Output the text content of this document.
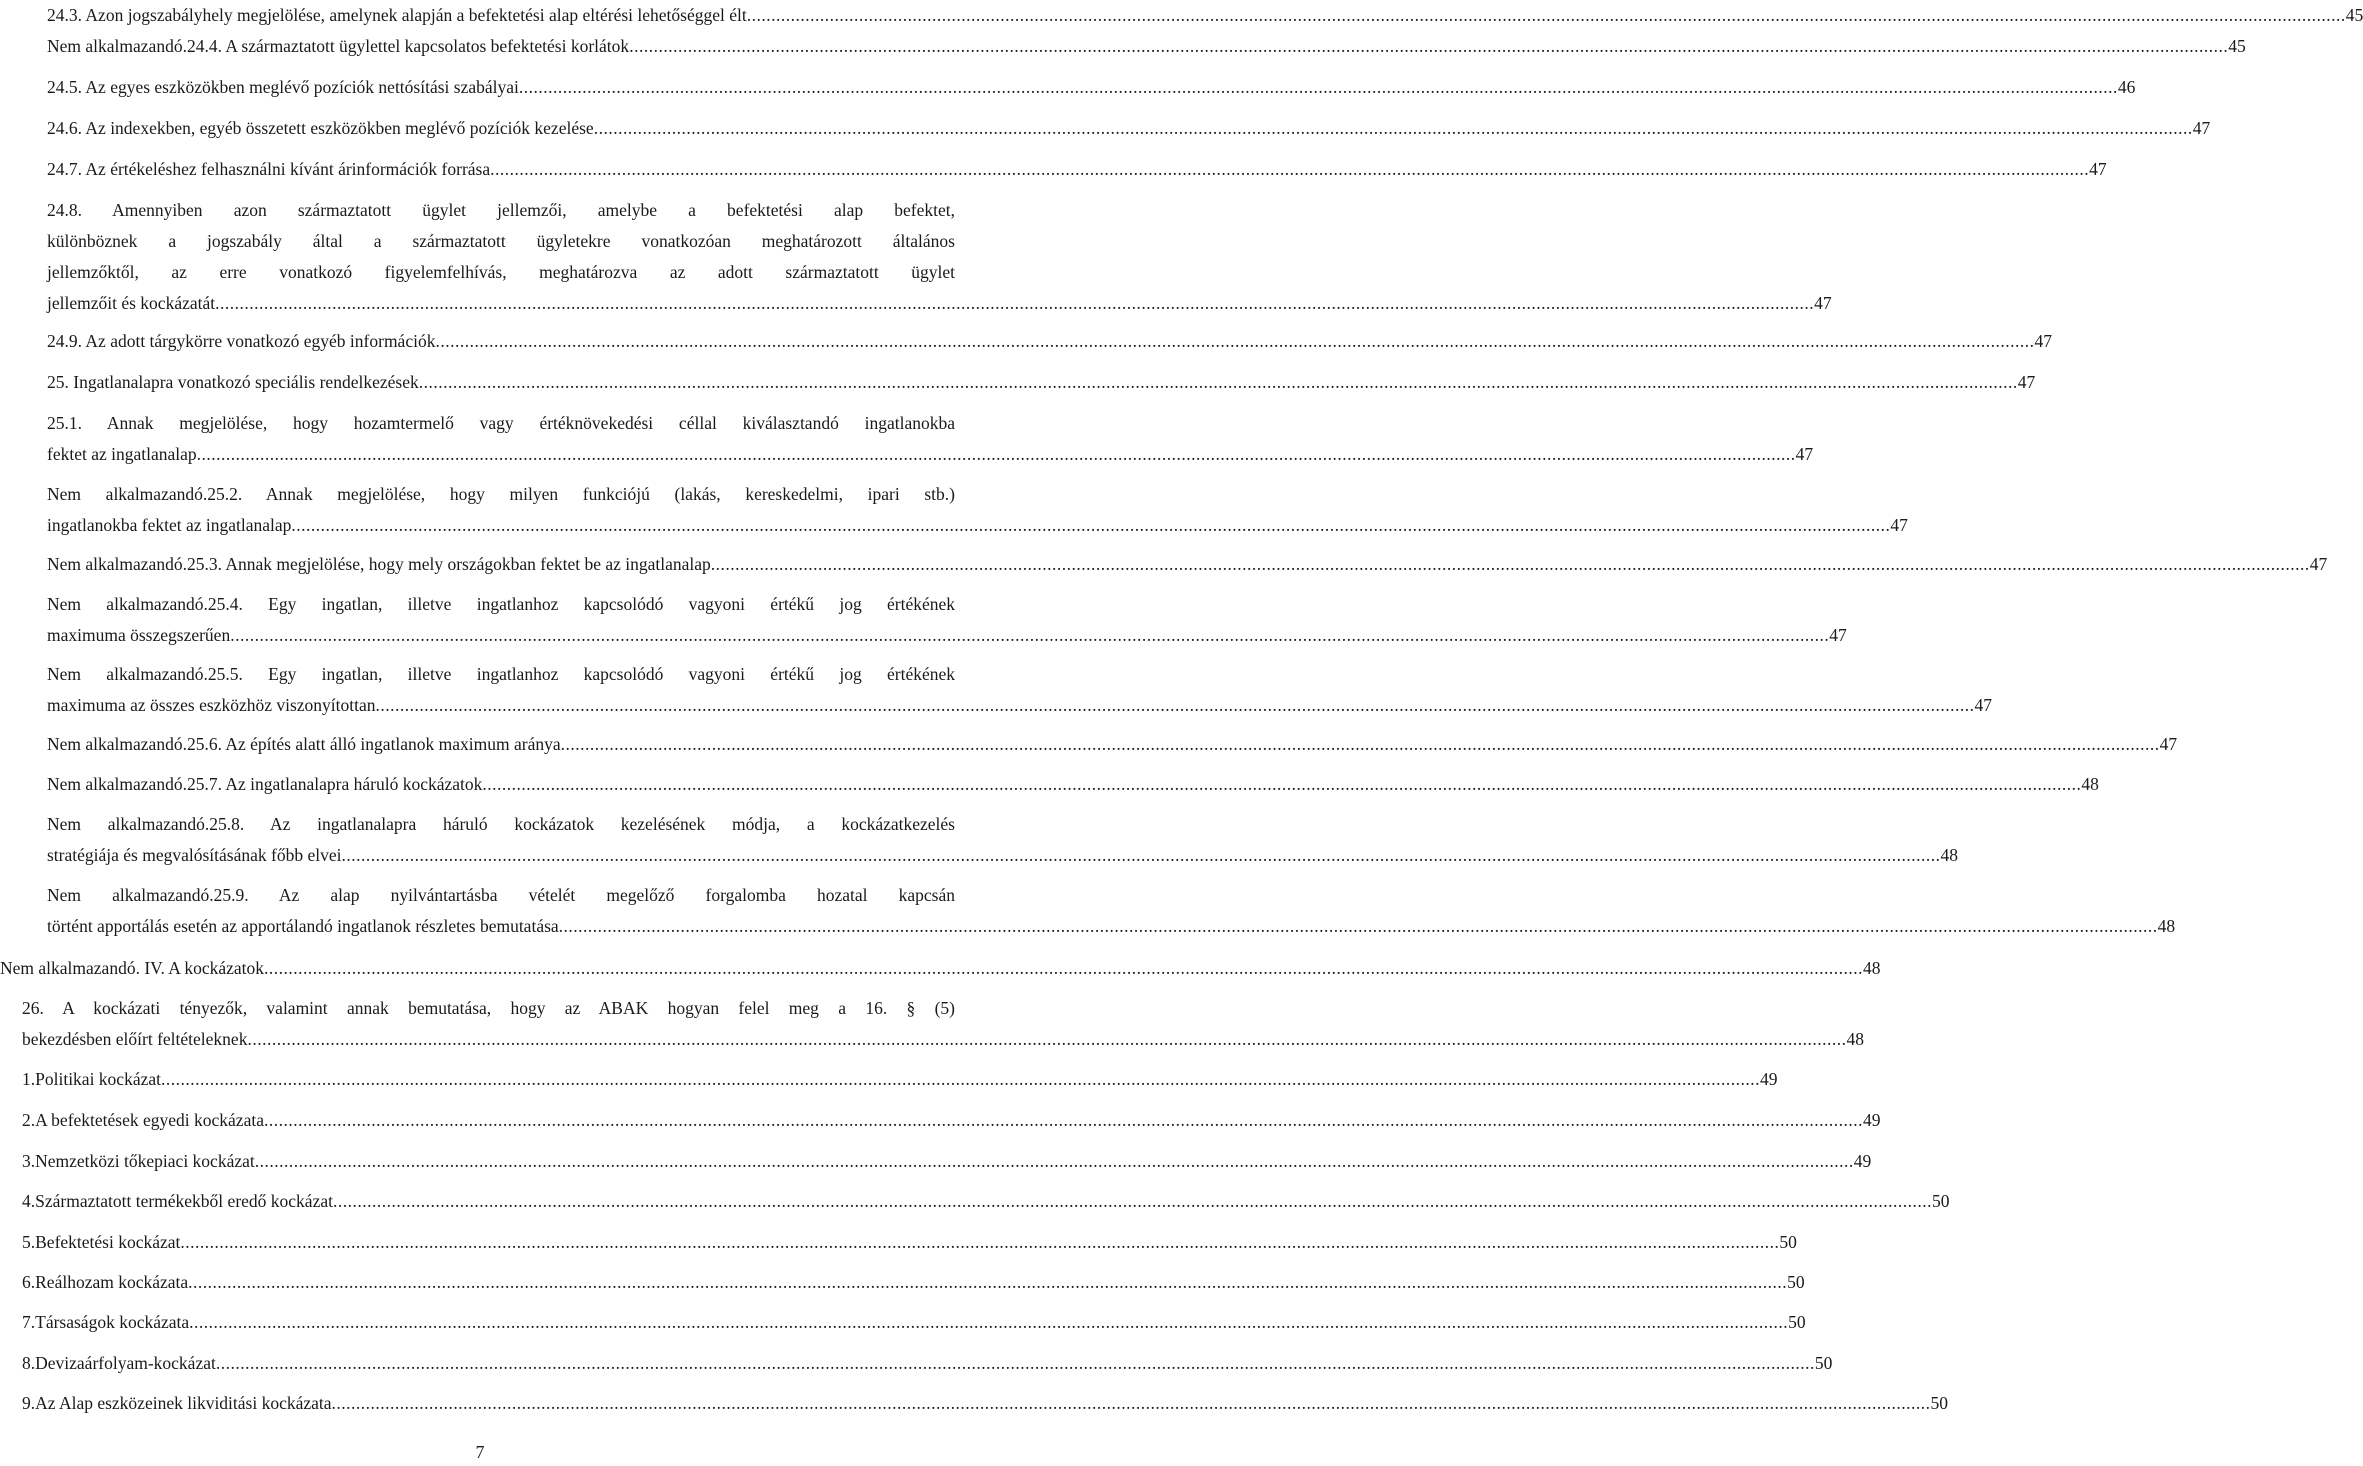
24.3. Azon jogszabályhely megjelölése, amelynek alapján a befektetési alap eltérési lehetőséggel élt .....	45
Nem alkalmazandó.24.4. A származtatott ügylettel kapcsolatos befektetési korlátok .....	45
24.5. Az egyes eszközökben meglévő pozíciók nettósítási szabályai .....	46
24.6. Az indexekben, egyéb összetett eszközökben meglévő pozíciók kezelése .....	47
24.7. Az értékeléshez felhasználni kívánt árinformációk forrása .....	47
24.8. Amennyiben azon származtatott ügylet jellemzői, amelybe a befektetési alap befektet,
különböznek a jogszabály által a származtatott ügyletekre vonatkozóan meghatározott általános
jellemzőktől, az erre vonatkozó figyelemfelhívás, meghatározva az adott származtatott ügylet
jellemzőit és kockázatát .....	47
24.9. Az adott tárgykörre vonatkozó egyéb információk .....	47
25. Ingatlanalapra vonatkozó speciális rendelkezések .....	47
25.1. Annak megjelölése, hogy hozamtermelő vagy értéknövekedési céllal kiválasztandó ingatlanokba
fektet az ingatlanalap .....	47
Nem alkalmazandó.25.2. Annak megjelölése, hogy milyen funkciójú (lakás, kereskedelmi, ipari stb.)
ingatlanokba fektet az ingatlanalap .....	47
Nem alkalmazandó.25.3. Annak megjelölése, hogy mely országokban fektet be az ingatlanalap .....	47
Nem alkalmazandó.25.4. Egy ingatlan, illetve ingatlanhoz kapcsolódó vagyoni értékű jog értékének
maximuma összegszerűen .....	47
Nem alkalmazandó.25.5. Egy ingatlan, illetve ingatlanhoz kapcsolódó vagyoni értékű jog értékének
maximuma az összes eszközhöz viszonyítottan .....	47
Nem alkalmazandó.25.6. Az építés alatt álló ingatlanok maximum aránya .....	47
Nem alkalmazandó.25.7. Az ingatlanalapra háruló kockázatok .....	48
Nem alkalmazandó.25.8. Az ingatlanalapra háruló kockázatok kezelésének módja, a kockázatkezelés
stratégiája és megvalósításának főbb elvei .....	48
Nem alkalmazandó.25.9. Az alap nyilvántartásba vételét megelőző forgalomba hozatal kapcsán
történt apportálás esetén az apportálandó ingatlanok részletes bemutatása .....	48
Nem alkalmazandó. IV. A kockázatok .....	48
26. A kockázati tényezők, valamint annak bemutatása, hogy az ABAK hogyan felel meg a 16. § (5)
bekezdésben előírt feltételeknek .....	48
1. Politikai kockázat .....	49
2. A befektetések egyedi kockázata .....	49
3. Nemzetközi tőkepiaci kockázat .....	49
4. Származtatott termékekből eredő kockázat .....	50
5. Befektetési kockázat .....	50
6. Reálhozam kockázata .....	50
7. Társaságok kockázata .....	50
8. Devizaárfolyam-kockázat .....	50
9. Az Alap eszközeinek likviditási kockázata .....	50
7
